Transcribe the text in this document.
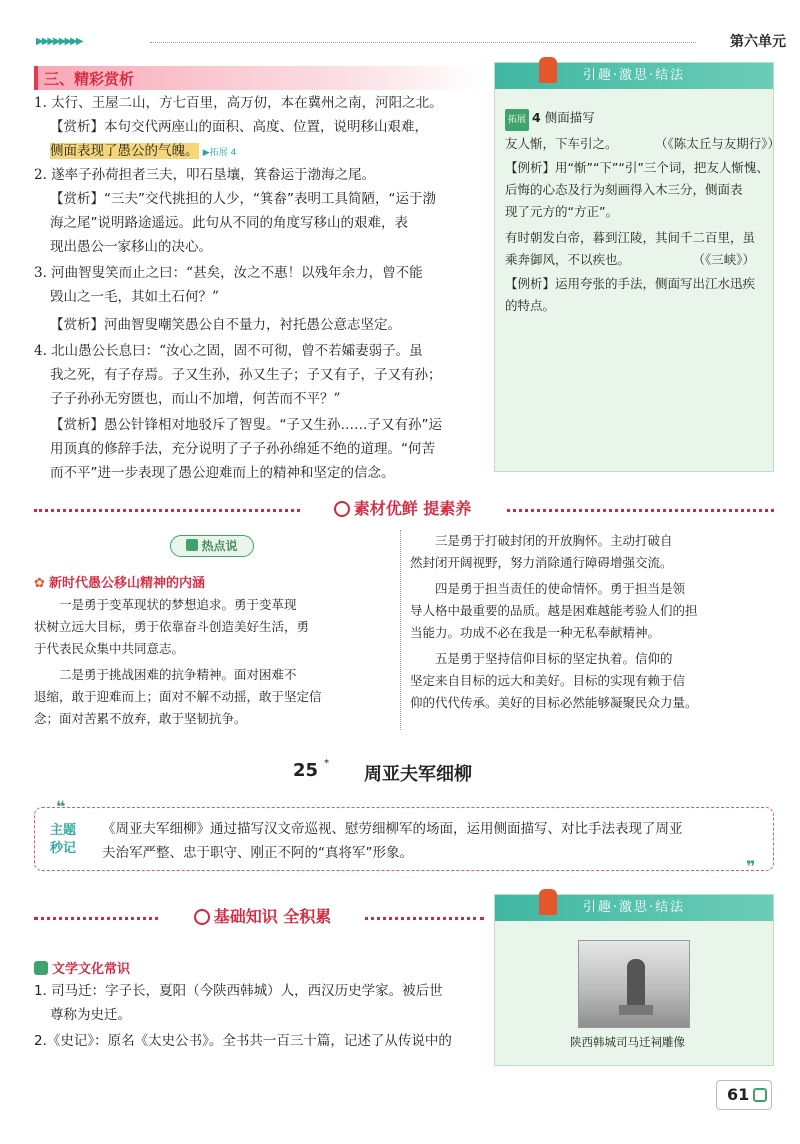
▶▶▶▶▶▶▶▶	第六单元
三、精彩赏析
1. 太行、王屋二山，方七百里，高万仞，本在冀州之南，河阳之北。
【赏析】本句交代两座山的面积、高度、位置，说明移山艰难，
侧面表现了愚公的气魄。 ▶拓展 4
2. 遂率子孙荷担者三夫，叩石垦壤，箕畚运于渤海之尾。
【赏析】“三夫”交代挑担的人少，“箕畚”表明工具简陋，“运于渤
海之尾”说明路途遥远。此句从不同的角度写移山的艰难，表
现出愚公一家移山的决心。
3. 河曲智叟笑而止之曰：“甚矣，汝之不惠！以残年余力，曾不能
毁山之一毛，其如土石何？”
【赏析】河曲智叟嘲笑愚公自不量力，衬托愚公意志坚定。
4. 北山愚公长息曰：“汝心之固，固不可彻，曾不若孀妻弱子。虽
我之死，有子存焉。子又生孙，孙又生子；子又有子，子又有孙；
子子孙孙无穷匮也，而山不加增，何苦而不平？”
【赏析】愚公针锋相对地驳斥了智叟。“子又生孙……子又有孙”运
用顶真的修辞手法，充分说明了子子孙孙绵延不绝的道理。“何苦
而不平”进一步表现了愚公迎难而上的精神和坚定的信念。
引趣·激思·结法
拓展 4 侧面描写
友人惭，下车引之。　　　　（《陈太丘与友期行》）
【例析】用“惭”“下”“引”三个词，把友人惭愧、
后悔的心态及行为刻画得入木三分，侧面表
现了元方的“方正”。
有时朝发白帝，暮到江陵，其间千二百里，虽
乘奔御风，不以疾也。　　　　　　（《三峡》）
【例析】运用夸张的手法，侧面写出江水迅疾
的特点。
素材优鲜 提素养
热点说
✿ 新时代愚公移山精神的内涵
　　一是勇于变革现状的梦想追求。勇于变革现
状树立远大目标，勇于依靠奋斗创造美好生活，勇
于代表民众集中共同意志。
　　二是勇于挑战困难的抗争精神。面对困难不
退缩，敢于迎难而上；面对不解不动摇，敢于坚定信
念；面对苦累不放弃，敢于坚韧抗争。
　　三是勇于打破封闭的开放胸怀。主动打破自
然封闭开阔视野，努力消除通行障碍增强交流。
　　四是勇于担当责任的使命情怀。勇于担当是领
导人格中最重要的品质。越是困难越能考验人们的担
当能力。功成不必在我是一种无私奉献精神。
　　五是勇于坚持信仰目标的坚定执着。信仰的
坚定来自目标的远大和美好。目标的实现有赖于信
仰的代代传承。美好的目标必然能够凝聚民众力量。
25 *
周亚夫军细柳
❝
❞
主题秒记
《周亚夫军细柳》通过描写汉文帝巡视、慰劳细柳军的场面，运用侧面描写、对比手法表现了周亚
夫治军严整、忠于职守、刚正不阿的“真将军”形象。
基础知识 全积累	引趣·激思·结法
陕西韩城司马迁祠雕像
文学文化常识
1. 司马迁：字子长，夏阳（今陕西韩城）人，西汉历史学家。被后世
尊称为史迁。
2.《史记》：原名《太史公书》。全书共一百三十篇，记述了从传说中的
61
